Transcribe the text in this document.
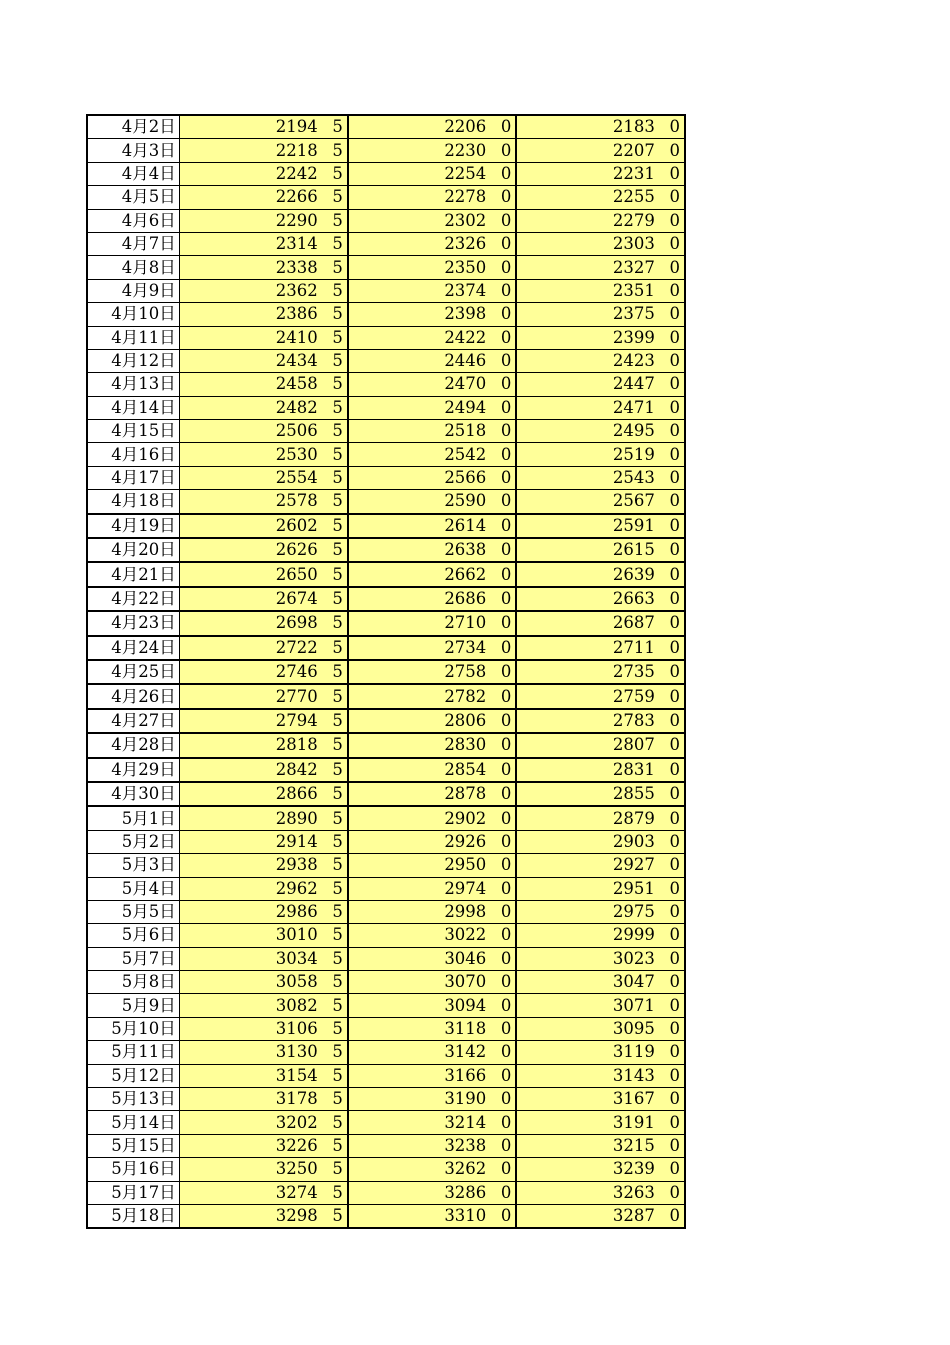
4月2日	2194	5	2206	0	2183	0
4月3日	2218	5	2230	0	2207	0
4月4日	2242	5	2254	0	2231	0
4月5日	2266	5	2278	0	2255	0
4月6日	2290	5	2302	0	2279	0
4月7日	2314	5	2326	0	2303	0
4月8日	2338	5	2350	0	2327	0
4月9日	2362	5	2374	0	2351	0
4月10日	2386	5	2398	0	2375	0
4月11日	2410	5	2422	0	2399	0
4月12日	2434	5	2446	0	2423	0
4月13日	2458	5	2470	0	2447	0
4月14日	2482	5	2494	0	2471	0
4月15日	2506	5	2518	0	2495	0
4月16日	2530	5	2542	0	2519	0
4月17日	2554	5	2566	0	2543	0
4月18日	2578	5	2590	0	2567	0
4月19日	2602	5	2614	0	2591	0
4月20日	2626	5	2638	0	2615	0
4月21日	2650	5	2662	0	2639	0
4月22日	2674	5	2686	0	2663	0
4月23日	2698	5	2710	0	2687	0
4月24日	2722	5	2734	0	2711	0
4月25日	2746	5	2758	0	2735	0
4月26日	2770	5	2782	0	2759	0
4月27日	2794	5	2806	0	2783	0
4月28日	2818	5	2830	0	2807	0
4月29日	2842	5	2854	0	2831	0
4月30日	2866	5	2878	0	2855	0
5月1日	2890	5	2902	0	2879	0
5月2日	2914	5	2926	0	2903	0
5月3日	2938	5	2950	0	2927	0
5月4日	2962	5	2974	0	2951	0
5月5日	2986	5	2998	0	2975	0
5月6日	3010	5	3022	0	2999	0
5月7日	3034	5	3046	0	3023	0
5月8日	3058	5	3070	0	3047	0
5月9日	3082	5	3094	0	3071	0
5月10日	3106	5	3118	0	3095	0
5月11日	3130	5	3142	0	3119	0
5月12日	3154	5	3166	0	3143	0
5月13日	3178	5	3190	0	3167	0
5月14日	3202	5	3214	0	3191	0
5月15日	3226	5	3238	0	3215	0
5月16日	3250	5	3262	0	3239	0
5月17日	3274	5	3286	0	3263	0
5月18日	3298	5	3310	0	3287	0
